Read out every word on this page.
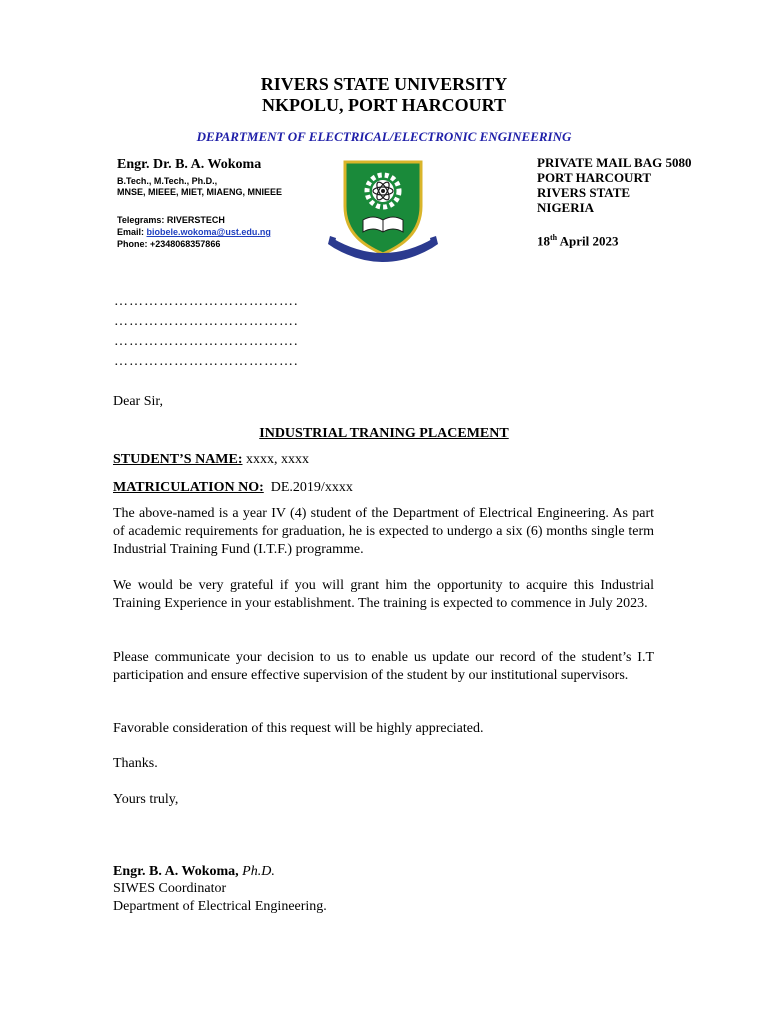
RIVERS STATE UNIVERSITY
NKPOLU, PORT HARCOURT
DEPARTMENT OF ELECTRICAL/ELECTRONIC ENGINEERING
Engr. Dr. B. A. Wokoma
B.Tech., M.Tech., Ph.D.,
MNSE, MIEEE, MIET, MIAENG, MNIEEE
Telegrams: RIVERSTECH
Email: biobele.wokoma@ust.edu.ng
Phone: +2348068357866
PRIVATE MAIL BAG 5080
PORT HARCOURT
RIVERS STATE
NIGERIA
18th April 2023
……………………………….
……………………………….
……………………………….
……………………………….
Dear Sir,
INDUSTRIAL TRANING PLACEMENT
STUDENT’S NAME: xxxx, xxxx
MATRICULATION NO:  DE.2019/xxxx
The above-named is a year IV (4) student of the Department of Electrical Engineering. As part of academic requirements for graduation, he is expected to undergo a six (6) months single term Industrial Training Fund (I.T.F.) programme.
We would be very grateful if you will grant him the opportunity to acquire this Industrial Training Experience in your establishment. The training is expected to commence in July 2023.
Please communicate your decision to us to enable us update our record of the student’s I.T participation and ensure effective supervision of the student by our institutional supervisors.
Favorable consideration of this request will be highly appreciated.
Thanks.
Yours truly,
Engr. B. A. Wokoma, Ph.D.
SIWES Coordinator
Department of Electrical Engineering.
